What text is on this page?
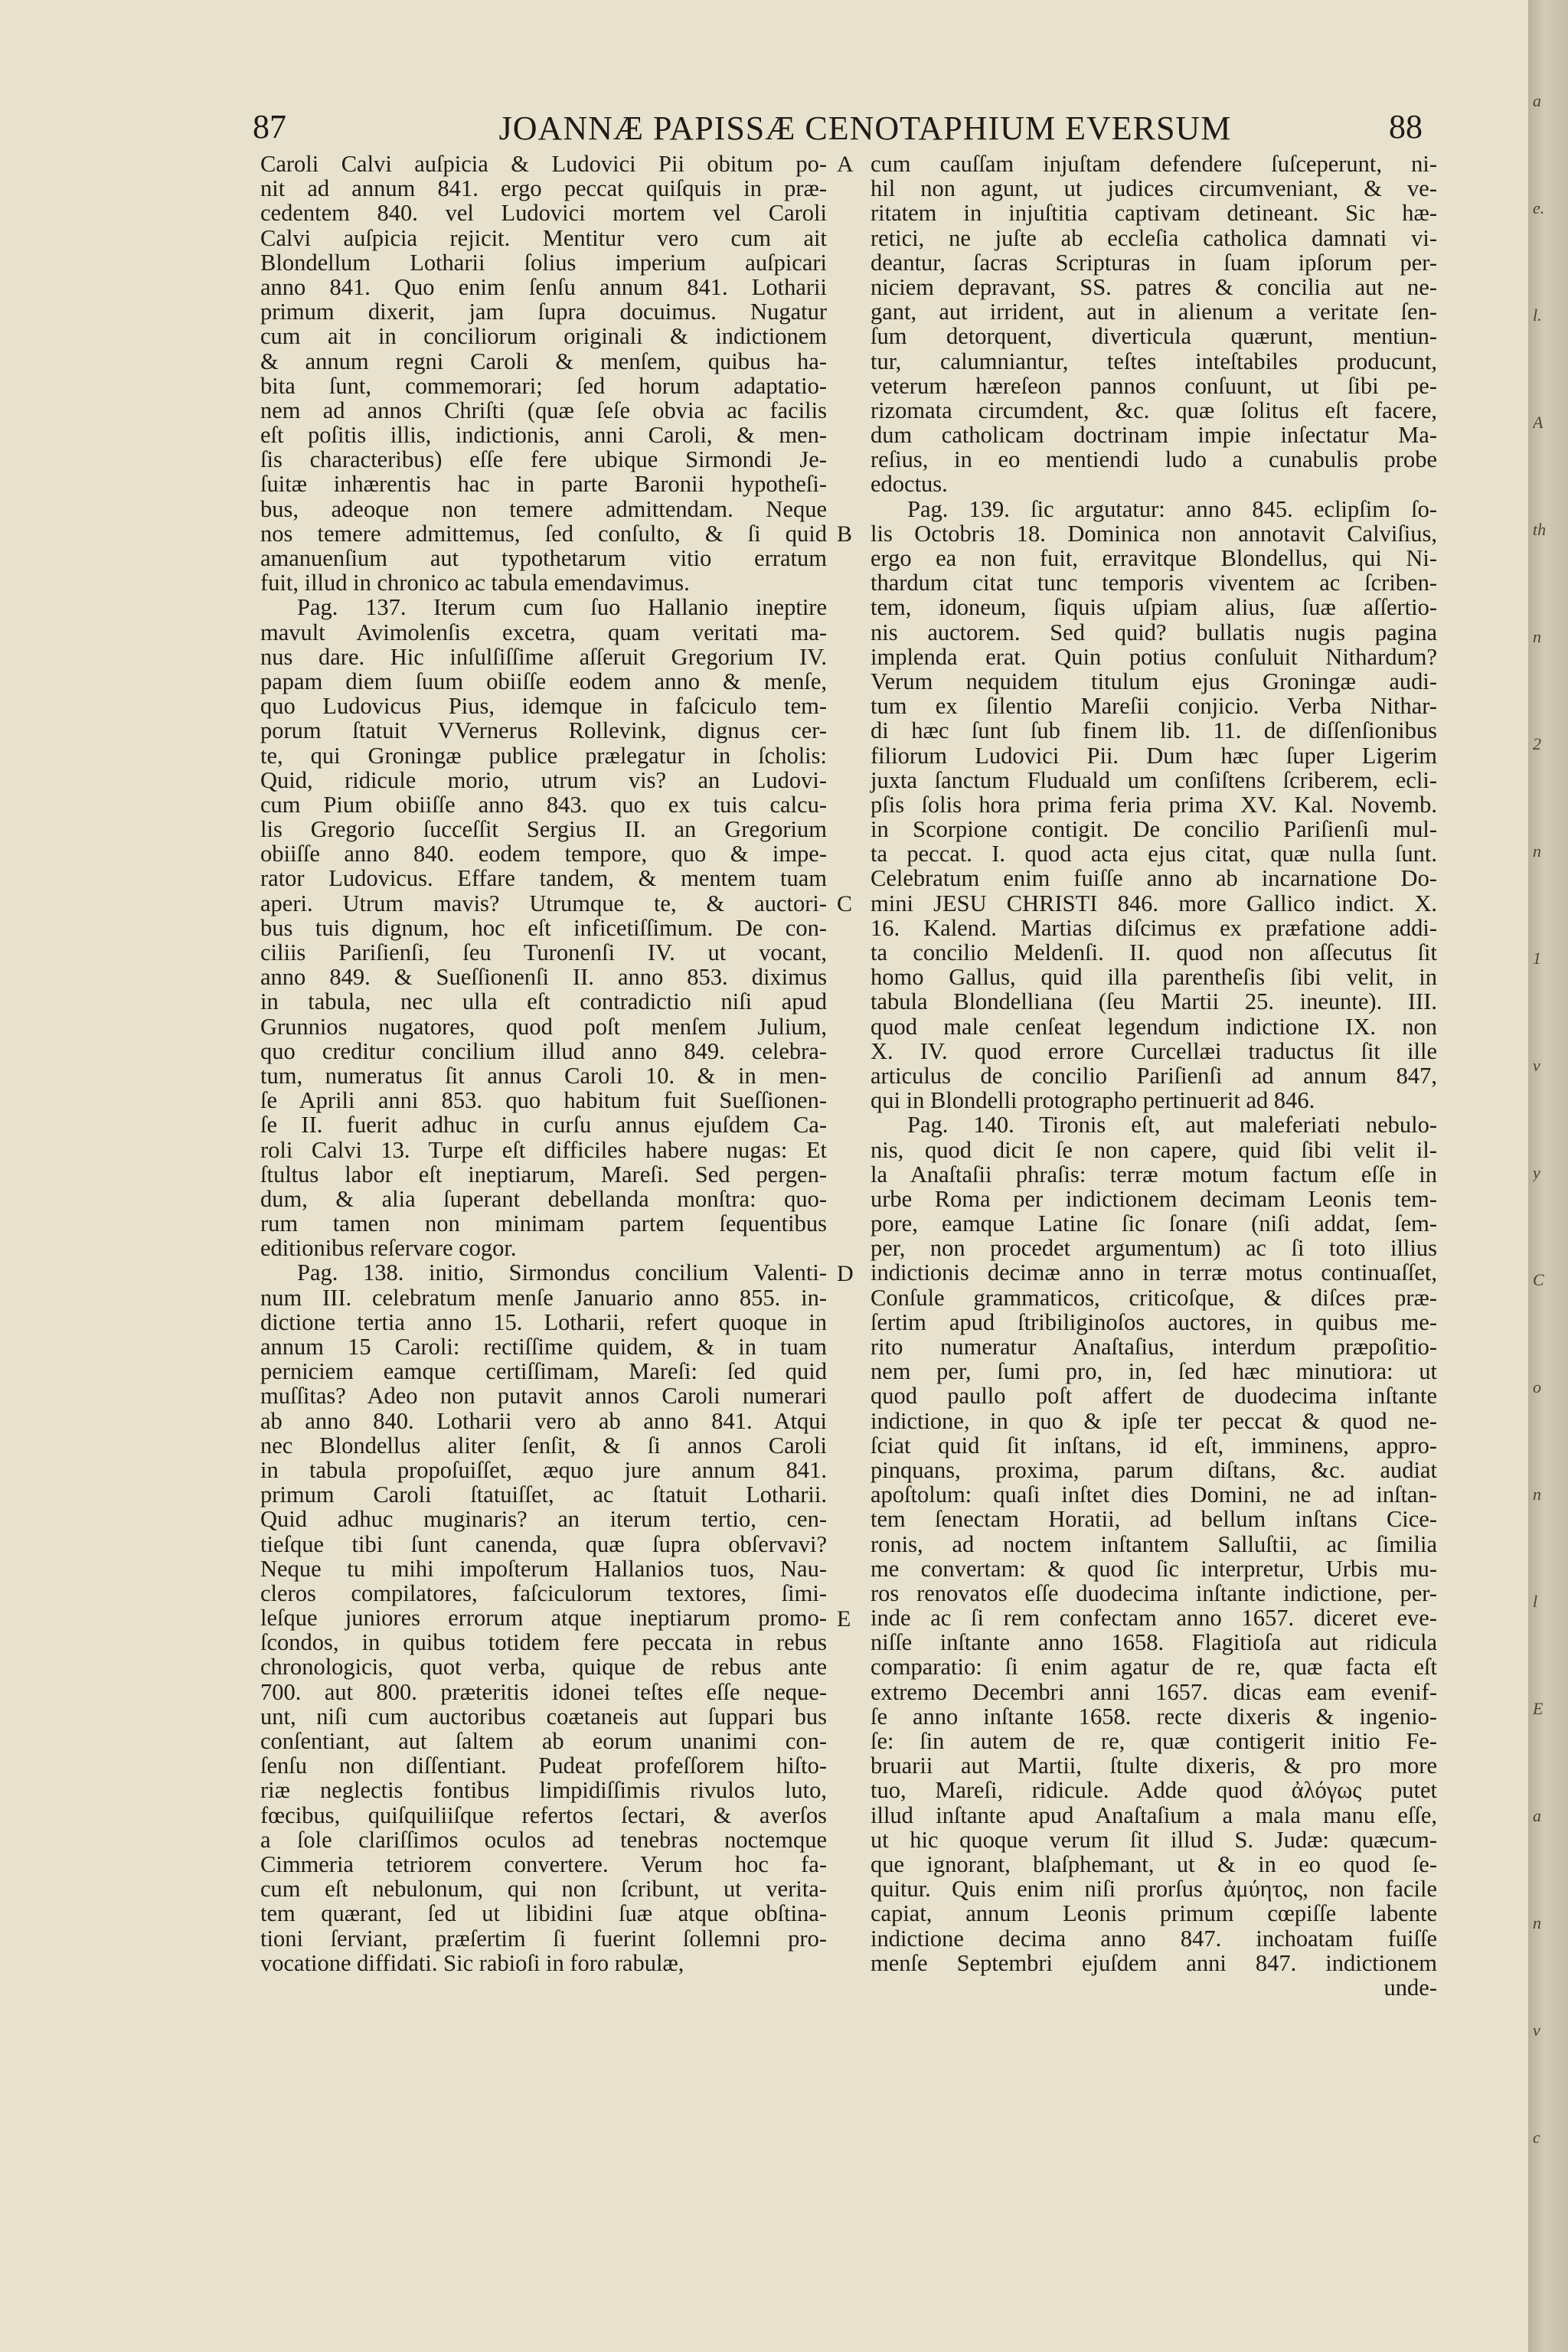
87	JOANNÆ PAPISSÆ CENOTAPHIUM EVERSUM	88
Caroli Calvi auſpicia & Ludovici Pii obitum po-
nit ad annum 841. ergo peccat quiſquis in præ-
cedentem 840. vel Ludovici mortem vel Caroli
Calvi auſpicia rejicit. Mentitur vero cum ait
Blondellum Lotharii ſolius imperium auſpicari
anno 841. Quo enim ſenſu annum 841. Lotharii
primum dixerit, jam ſupra docuimus. Nugatur
cum ait in conciliorum originali & indictionem
& annum regni Caroli & menſem, quibus ha-
bita ſunt, commemorari; ſed horum adaptatio-
nem ad annos Chriſti (quæ ſeſe obvia ac facilis
eſt poſitis illis, indictionis, anni Caroli, & men-
ſis characteribus) eſſe fere ubique Sirmondi Je-
ſuitæ inhærentis hac in parte Baronii hypotheſi-
bus, adeoque non temere admittendam. Neque
nos temere admittemus, ſed conſulto, & ſi quid
amanuenſium aut typothetarum vitio erratum
fuit, illud in chronico ac tabula emendavimus.
Pag. 137. Iterum cum ſuo Hallanio ineptire
mavult Avimolenſis excetra, quam veritati ma-
nus dare. Hic inſulſiſſime aſſeruit Gregorium IV.
papam diem ſuum obiiſſe eodem anno & menſe,
quo Ludovicus Pius, idemque in faſciculo tem-
porum ſtatuit VVernerus Rollevink, dignus cer-
te, qui Groningæ publice prælegatur in ſcholis:
Quid, ridicule morio, utrum vis? an Ludovi-
cum Pium obiiſſe anno 843. quo ex tuis calcu-
lis Gregorio ſucceſſit Sergius II. an Gregorium
obiiſſe anno 840. eodem tempore, quo & impe-
rator Ludovicus. Effare tandem, & mentem tuam
aperi. Utrum mavis? Utrumque te, & auctori-
bus tuis dignum, hoc eſt inficetiſſimum. De con-
ciliis Pariſienſi, ſeu Turonenſi IV. ut vocant,
anno 849. & Sueſſionenſi II. anno 853. diximus
in tabula, nec ulla eſt contradictio niſi apud
Grunnios nugatores, quod poſt menſem Julium,
quo creditur concilium illud anno 849. celebra-
tum, numeratus ſit annus Caroli 10. & in men-
ſe Aprili anni 853. quo habitum fuit Sueſſionen-
ſe II. fuerit adhuc in curſu annus ejuſdem Ca-
roli Calvi 13. Turpe eſt difficiles habere nugas: Et
ſtultus labor eſt ineptiarum, Mareſi. Sed pergen-
dum, & alia ſuperant debellanda monſtra: quo-
rum tamen non minimam partem ſequentibus
editionibus reſervare cogor.
Pag. 138. initio, Sirmondus concilium Valenti-
num III. celebratum menſe Januario anno 855. in-
dictione tertia anno 15. Lotharii, refert quoque in
annum 15 Caroli: rectiſſime quidem, & in tuam
perniciem eamque certiſſimam, Mareſi: ſed quid
muſſitas? Adeo non putavit annos Caroli numerari
ab anno 840. Lotharii vero ab anno 841. Atqui
nec Blondellus aliter ſenſit, & ſi annos Caroli
in tabula propoſuiſſet, æquo jure annum 841.
primum Caroli ſtatuiſſet, ac ſtatuit Lotharii.
Quid adhuc muginaris? an iterum tertio, cen-
tieſque tibi ſunt canenda, quæ ſupra obſervavi?
Neque tu mihi impoſterum Hallanios tuos, Nau-
cleros compilatores, faſciculorum textores, ſimi-
leſque juniores errorum atque ineptiarum promo-
ſcondos, in quibus totidem fere peccata in rebus
chronologicis, quot verba, quique de rebus ante
700. aut 800. præteritis idonei teſtes eſſe neque-
unt, niſi cum auctoribus coætaneis aut ſuppari bus
conſentiant, aut ſaltem ab eorum unanimi con-
ſenſu non diſſentiant. Pudeat profeſſorem hiſto-
riæ neglectis fontibus limpidiſſimis rivulos luto,
fœcibus, quiſquiliiſque refertos ſectari, & averſos
a ſole clariſſimos oculos ad tenebras noctemque
Cimmeria tetriorem convertere. Verum hoc fa-
cum eſt nebulonum, qui non ſcribunt, ut verita-
tem quærant, ſed ut libidini ſuæ atque obſtina-
tioni ſerviant, præſertim ſi fuerint ſollemni pro-
vocatione diffidati. Sic rabioſi in foro rabulæ,
A
B
C
D
E
cum cauſſam injuſtam defendere ſuſceperunt, ni-
hil non agunt, ut judices circumveniant, & ve-
ritatem in injuſtitia captivam detineant. Sic hæ-
retici, ne juſte ab eccleſia catholica damnati vi-
deantur, ſacras Scripturas in ſuam ipſorum per-
niciem depravant, SS. patres & concilia aut ne-
gant, aut irrident, aut in alienum a veritate ſen-
ſum detorquent, diverticula quærunt, mentiun-
tur, calumniantur, teſtes inteſtabiles producunt,
veterum hæreſeon pannos conſuunt, ut ſibi pe-
rizomata circumdent, &c. quæ ſolitus eſt facere,
dum catholicam doctrinam impie inſectatur Ma-
reſius, in eo mentiendi ludo a cunabulis probe
edoctus.
Pag. 139. ſic argutatur: anno 845. eclipſim ſo-
lis Octobris 18. Dominica non annotavit Calviſius,
ergo ea non fuit, erravitque Blondellus, qui Ni-
thardum citat tunc temporis viventem ac ſcriben-
tem, idoneum, ſiquis uſpiam alius, ſuæ aſſertio-
nis auctorem. Sed quid? bullatis nugis pagina
implenda erat. Quin potius conſuluit Nithardum?
Verum nequidem titulum ejus Groningæ audi-
tum ex ſilentio Mareſii conjicio. Verba Nithar-
di hæc ſunt ſub finem lib. 11. de diſſenſionibus
filiorum Ludovici Pii. Dum hæc ſuper Ligerim
juxta ſanctum Fluduald um conſiſtens ſcriberem, ecli-
pſis ſolis hora prima feria prima XV. Kal. Novemb.
in Scorpione contigit. De concilio Pariſienſi mul-
ta peccat. I. quod acta ejus citat, quæ nulla ſunt.
Celebratum enim fuiſſe anno ab incarnatione Do-
mini JESU CHRISTI 846. more Gallico indict. X.
16. Kalend. Martias diſcimus ex præfatione addi-
ta concilio Meldenſi. II. quod non aſſecutus ſit
homo Gallus, quid illa parentheſis ſibi velit, in
tabula Blondelliana (ſeu Martii 25. ineunte). III.
quod male cenſeat legendum indictione IX. non
X. IV. quod errore Curcellæi traductus ſit ille
articulus de concilio Pariſienſi ad annum 847,
qui in Blondelli protographo pertinuerit ad 846.
Pag. 140. Tironis eſt, aut maleferiati nebulo-
nis, quod dicit ſe non capere, quid ſibi velit il-
la Anaſtaſii phraſis: terræ motum factum eſſe in
urbe Roma per indictionem decimam Leonis tem-
pore, eamque Latine ſic ſonare (niſi addat, ſem-
per, non procedet argumentum) ac ſi toto illius
indictionis decimæ anno in terræ motus continuaſſet,
Conſule grammaticos, criticoſque, & diſces præ-
ſertim apud ſtribiliginoſos auctores, in quibus me-
rito numeratur Anaſtaſius, interdum præpoſitio-
nem per, ſumi pro, in, ſed hæc minutiora: ut
quod paullo poſt affert de duodecima inſtante
indictione, in quo & ipſe ter peccat & quod ne-
ſciat quid ſit inſtans, id eſt, imminens, appro-
pinquans, proxima, parum diſtans, &c. audiat
apoſtolum: quaſi inſtet dies Domini, ne ad inſtan-
tem ſenectam Horatii, ad bellum inſtans Cice-
ronis, ad noctem inſtantem Salluſtii, ac ſimilia
me convertam: & quod ſic interpretur, Urbis mu-
ros renovatos eſſe duodecima inſtante indictione, per-
inde ac ſi rem confectam anno 1657. diceret eve-
niſſe inſtante anno 1658. Flagitioſa aut ridicula
comparatio: ſi enim agatur de re, quæ facta eſt
extremo Decembri anni 1657. dicas eam evenif-
ſe anno inſtante 1658. recte dixeris & ingenio-
ſe: ſin autem de re, quæ contigerit initio Fe-
bruarii aut Martii, ſtulte dixeris, & pro more
tuo, Mareſi, ridicule. Adde quod ἀλόγως putet
illud inſtante apud Anaſtaſium a mala manu eſſe,
ut hic quoque verum ſit illud S. Judæ: quæcum-
que ignorant, blaſphemant, ut & in eo quod ſe-
quitur. Quis enim niſi prorſus ἀμύητος, non facile
capiat, annum Leonis primum cœpiſſe labente
indictione decima anno 847. inchoatam fuiſſe
menſe Septembri ejuſdem anni 847. indictionem
unde-
a
e.
l.
A
th
n
2
n
1
v
y
C
o
n
l
E
a
n
v
c
